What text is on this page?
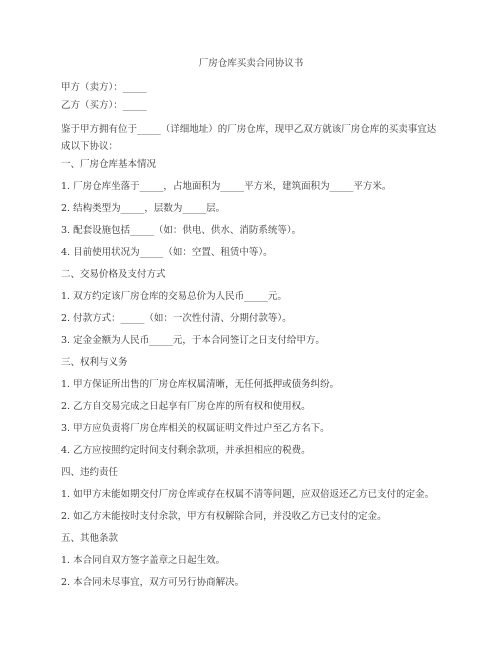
厂房仓库买卖合同协议书
甲方（卖方）：_____
乙方（买方）：_____
鉴于甲方拥有位于_____（详细地址）的厂房仓库，现甲乙双方就该厂房仓库的买卖事宜达成以下协议：
一、厂房仓库基本情况
1. 厂房仓库坐落于_____，占地面积为_____平方米，建筑面积为_____平方米。
2. 结构类型为_____，层数为_____层。
3. 配套设施包括_____（如：供电、供水、消防系统等）。
4. 目前使用状况为_____（如：空置、租赁中等）。
二、交易价格及支付方式
1. 双方约定该厂房仓库的交易总价为人民币_____元。
2. 付款方式：_____（如：一次性付清、分期付款等）。
3. 定金金额为人民币_____元，于本合同签订之日支付给甲方。
三、权利与义务
1. 甲方保证所出售的厂房仓库权属清晰，无任何抵押或债务纠纷。
2. 乙方自交易完成之日起享有厂房仓库的所有权和使用权。
3. 甲方应负责将厂房仓库相关的权属证明文件过户至乙方名下。
4. 乙方应按照约定时间支付剩余款项，并承担相应的税费。
四、违约责任
1. 如甲方未能如期交付厂房仓库或存在权属不清等问题，应双倍返还乙方已支付的定金。
2. 如乙方未能按时支付余款，甲方有权解除合同，并没收乙方已支付的定金。
五、其他条款
1. 本合同自双方签字盖章之日起生效。
2. 本合同未尽事宜，双方可另行协商解决。
